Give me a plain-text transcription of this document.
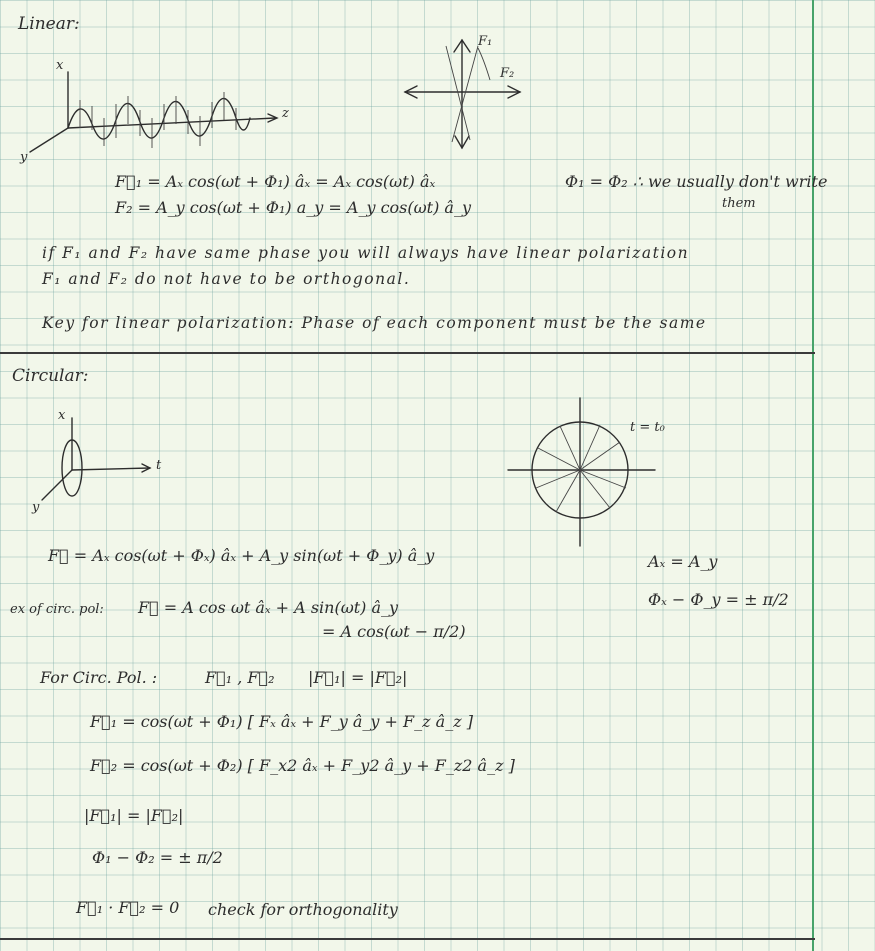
Linear:
x
z
y
F₁
F₂
F⃗₁ = Aₓ cos(ωt + Φ₁) âₓ = Aₓ cos(ωt) âₓ
F₂ = A_y cos(ωt + Φ₁) a_y = A_y cos(ωt) â_y
Φ₁ = Φ₂ ∴ we usually don't write
them
if F₁ and F₂ have same phase you will always have linear polarization
F₁ and F₂ do not have to be orthogonal.
Key for linear polarization: Phase of each component must be the same
Circular:
x
t
y
t = t₀
F⃗ = Aₓ cos(ωt + Φₓ) âₓ + A_y sin(ωt + Φ_y) â_y	Aₓ = A_y
Φₓ − Φ_y = ± π/2
ex of circ. pol: F⃗ = A cos ωt âₓ + A sin(ωt) â_y
= A cos(ωt − π/2)
For Circ. Pol. :	F⃗₁ , F⃗₂ |F⃗₁| = |F⃗₂|
F⃗₁ = cos(ωt + Φ₁) [ Fₓ âₓ + F_y â_y + F_z â_z ]
F⃗₂ = cos(ωt + Φ₂) [ F_x2 âₓ + F_y2 â_y + F_z2 â_z ]
|F⃗₁| = |F⃗₂|
Φ₁ − Φ₂ = ± π/2
F⃗₁ · F⃗₂ = 0 check for orthogonality
